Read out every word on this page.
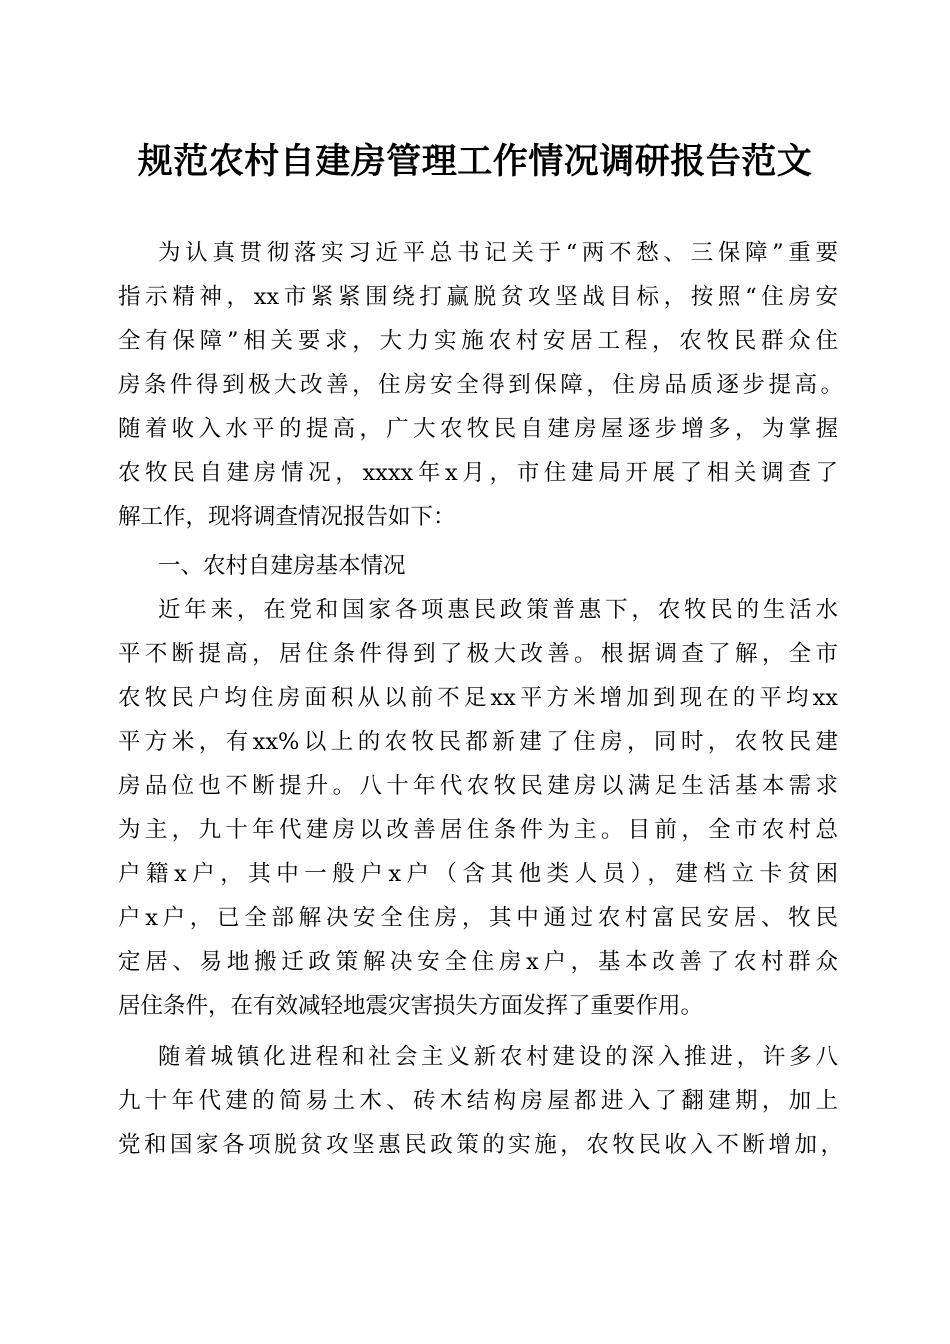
规范农村自建房管理工作情况调研报告范文
为认真贯彻落实习近平总书记关于“两不愁、三保障”重要
指示精神，xx市紧紧围绕打赢脱贫攻坚战目标，按照“住房安
全有保障”相关要求，大力实施农村安居工程，农牧民群众住
房条件得到极大改善，住房安全得到保障，住房品质逐步提高。
随着收入水平的提高，广大农牧民自建房屋逐步增多，为掌握
农牧民自建房情况，xxxx年x月，市住建局开展了相关调查了
解工作，现将调查情况报告如下：
一、农村自建房基本情况
近年来，在党和国家各项惠民政策普惠下，农牧民的生活水
平不断提高，居住条件得到了极大改善。根据调查了解，全市
农牧民户均住房面积从以前不足xx平方米增加到现在的平均xx
平方米，有xx%以上的农牧民都新建了住房，同时，农牧民建
房品位也不断提升。八十年代农牧民建房以满足生活基本需求
为主，九十年代建房以改善居住条件为主。目前，全市农村总
户籍x户，其中一般户x户（含其他类人员），建档立卡贫困
户x户，已全部解决安全住房，其中通过农村富民安居、牧民
定居、易地搬迁政策解决安全住房x户，基本改善了农村群众
居住条件，在有效减轻地震灾害损失方面发挥了重要作用。
随着城镇化进程和社会主义新农村建设的深入推进，许多八
九十年代建的简易土木、砖木结构房屋都进入了翻建期，加上
党和国家各项脱贫攻坚惠民政策的实施，农牧民收入不断增加，
